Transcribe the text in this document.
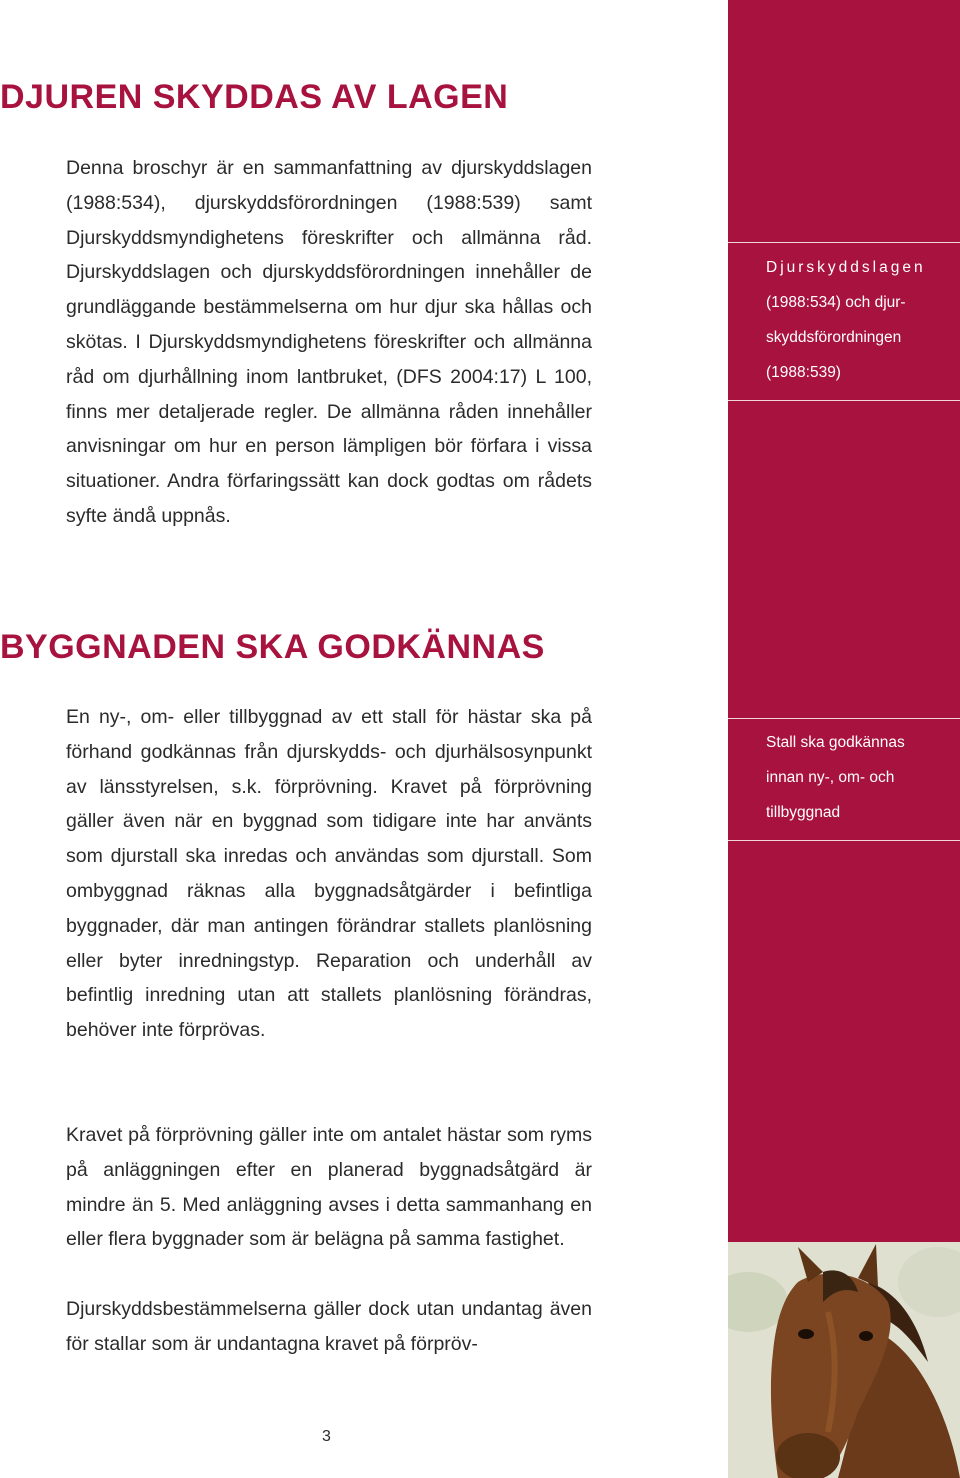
DJUREN SKYDDAS AV LAGEN

Denna broschyr är en sammanfattning av djurskyddslagen (1988:534), djurskyddsförordningen (1988:539) samt Djurskyddsmyndighetens föreskrifter och allmänna råd. Djurskyddslagen och djurskyddsförordningen innehåller de grundläggande bestämmelserna om hur djur ska hållas och skötas. I Djurskyddsmyndighetens föreskrifter och allmänna råd om djurhållning inom lantbruket, (DFS 2004:17) L 100, finns mer detaljerade regler. De allmänna råden innehåller anvisningar om hur en person lämpligen bör förfara i vissa situationer. Andra förfaringssätt kan dock godtas om rådets syfte ändå uppnås.

BYGGNADEN SKA GODKÄNNAS

En ny-, om- eller tillbyggnad av ett stall för hästar ska på förhand godkännas från djurskydds- och djurhälsosynpunkt av länsstyrelsen, s.k. förprövning. Kravet på förprövning gäller även när en byggnad som tidigare inte har använts som djurstall ska inredas och användas som djurstall. Som ombyggnad räknas alla byggnadsåtgärder i befintliga byggnader, där man antingen förändrar stallets planlösning eller byter inredningstyp. Reparation och underhåll av befintlig inredning utan att stallets planlösning förändras, behöver inte förprövas.

Kravet på förprövning gäller inte om antalet hästar som ryms på anläggningen efter en planerad byggnadsåtgärd är mindre än 5. Med anläggning avses i detta sammanhang en eller flera byggnader som är belägna på samma fastighet.

Djurskyddsbestämmelserna gäller dock utan undantag även för stallar som är undantagna kravet på förpröv-

3

Djurskyddslagen (1988:534) och djurskyddsförordningen (1988:539)

Stall ska godkännas innan ny-, om- och tillbyggnad
